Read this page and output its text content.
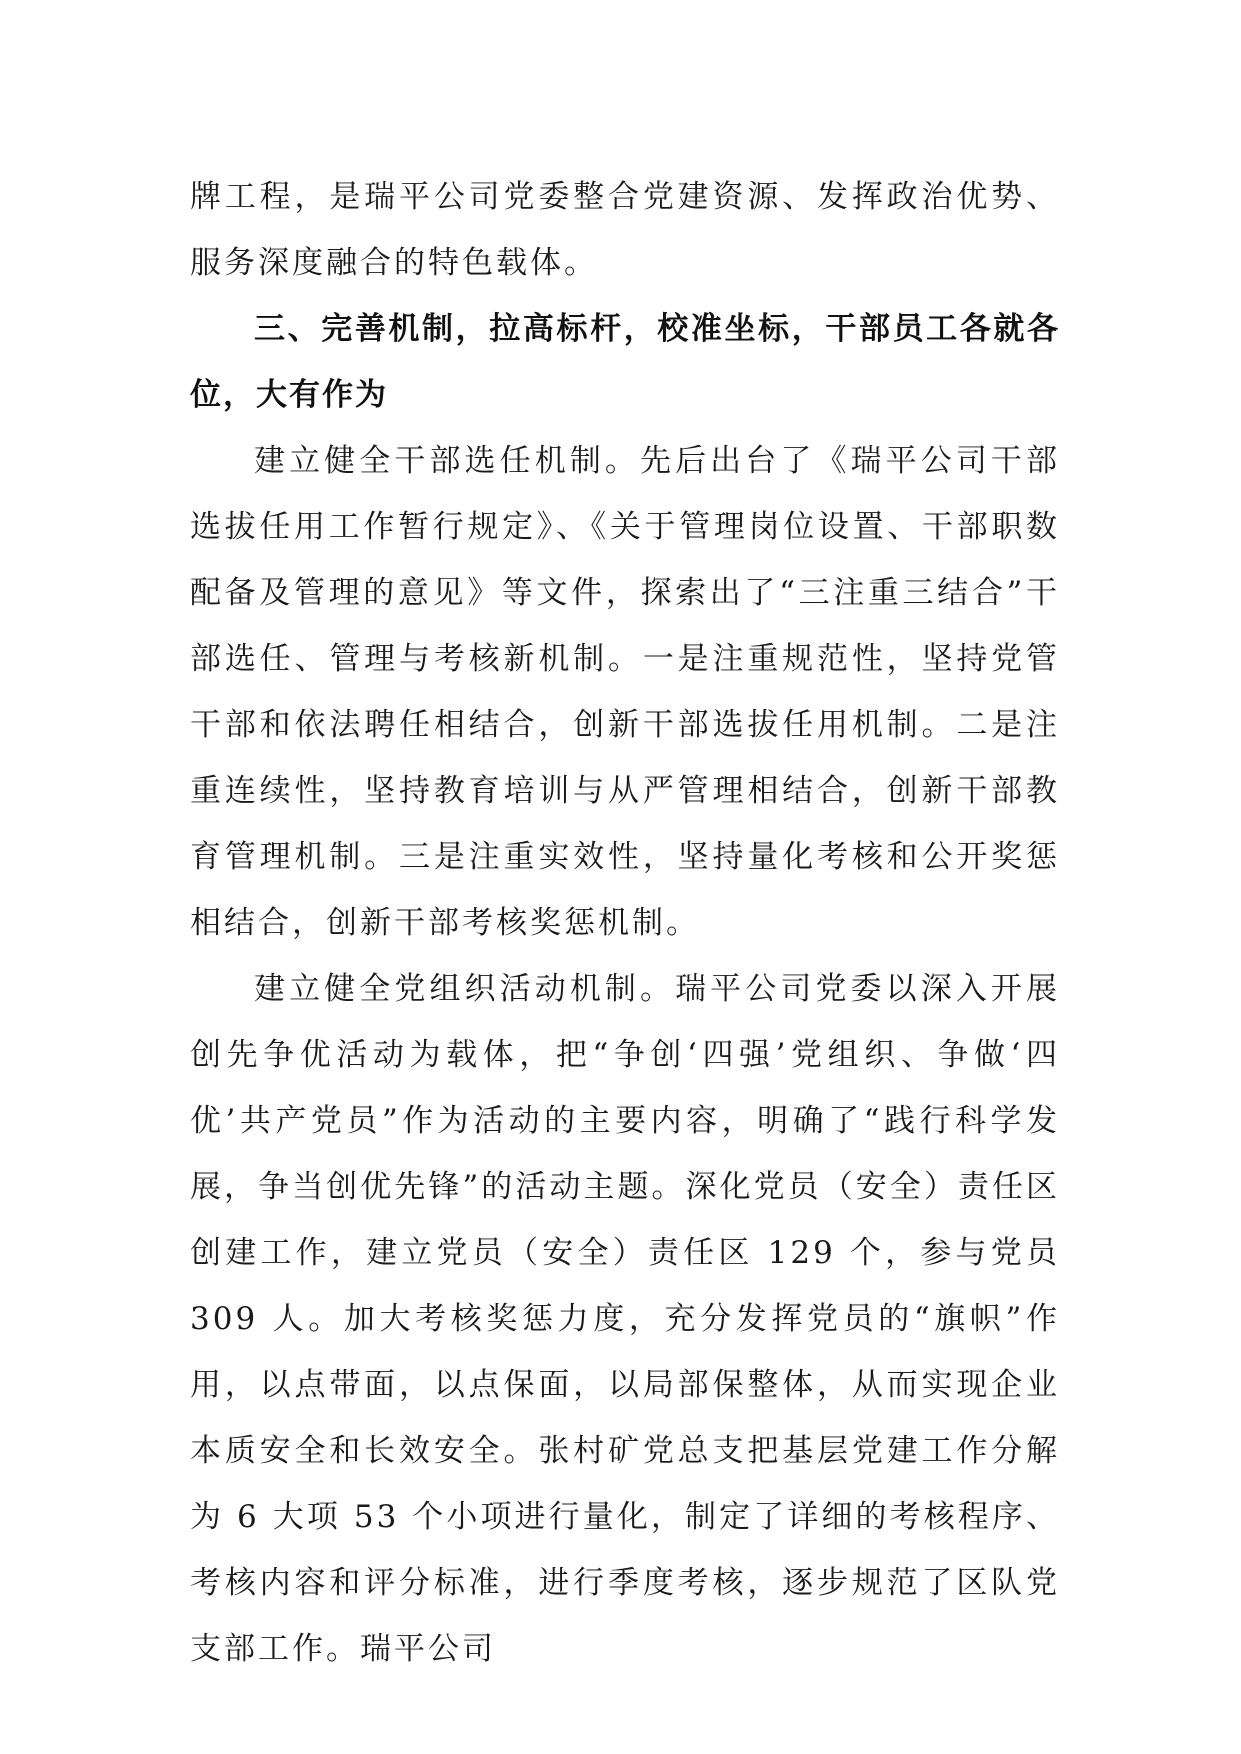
牌工程，是瑞平公司党委整合党建资源、发挥政治优势、服务深度融合的特色载体。

三、完善机制，拉高标杆，校准坐标，干部员工各就各位，大有作为

建立健全干部选任机制。先后出台了《瑞平公司干部选拔任用工作暂行规定》、《关于管理岗位设置、干部职数配备及管理的意见》等文件，探索出了“三注重三结合”干部选任、管理与考核新机制。一是注重规范性，坚持党管干部和依法聘任相结合，创新干部选拔任用机制。二是注重连续性，坚持教育培训与从严管理相结合，创新干部教育管理机制。三是注重实效性，坚持量化考核和公开奖惩相结合，创新干部考核奖惩机制。

建立健全党组织活动机制。瑞平公司党委以深入开展创先争优活动为载体，把“争创‘四强’党组织、争做‘四优’共产党员”作为活动的主要内容，明确了“践行科学发展，争当创优先锋”的活动主题。深化党员（安全）责任区创建工作，建立党员（安全）责任区 129 个，参与党员 309 人。加大考核奖惩力度，充分发挥党员的“旗帜”作用，以点带面，以点保面，以局部保整体，从而实现企业本质安全和长效安全。张村矿党总支把基层党建工作分解为 6 大项 53 个小项进行量化，制定了详细的考核程序、考核内容和评分标准，进行季度考核，逐步规范了区队党支部工作。瑞平公司
